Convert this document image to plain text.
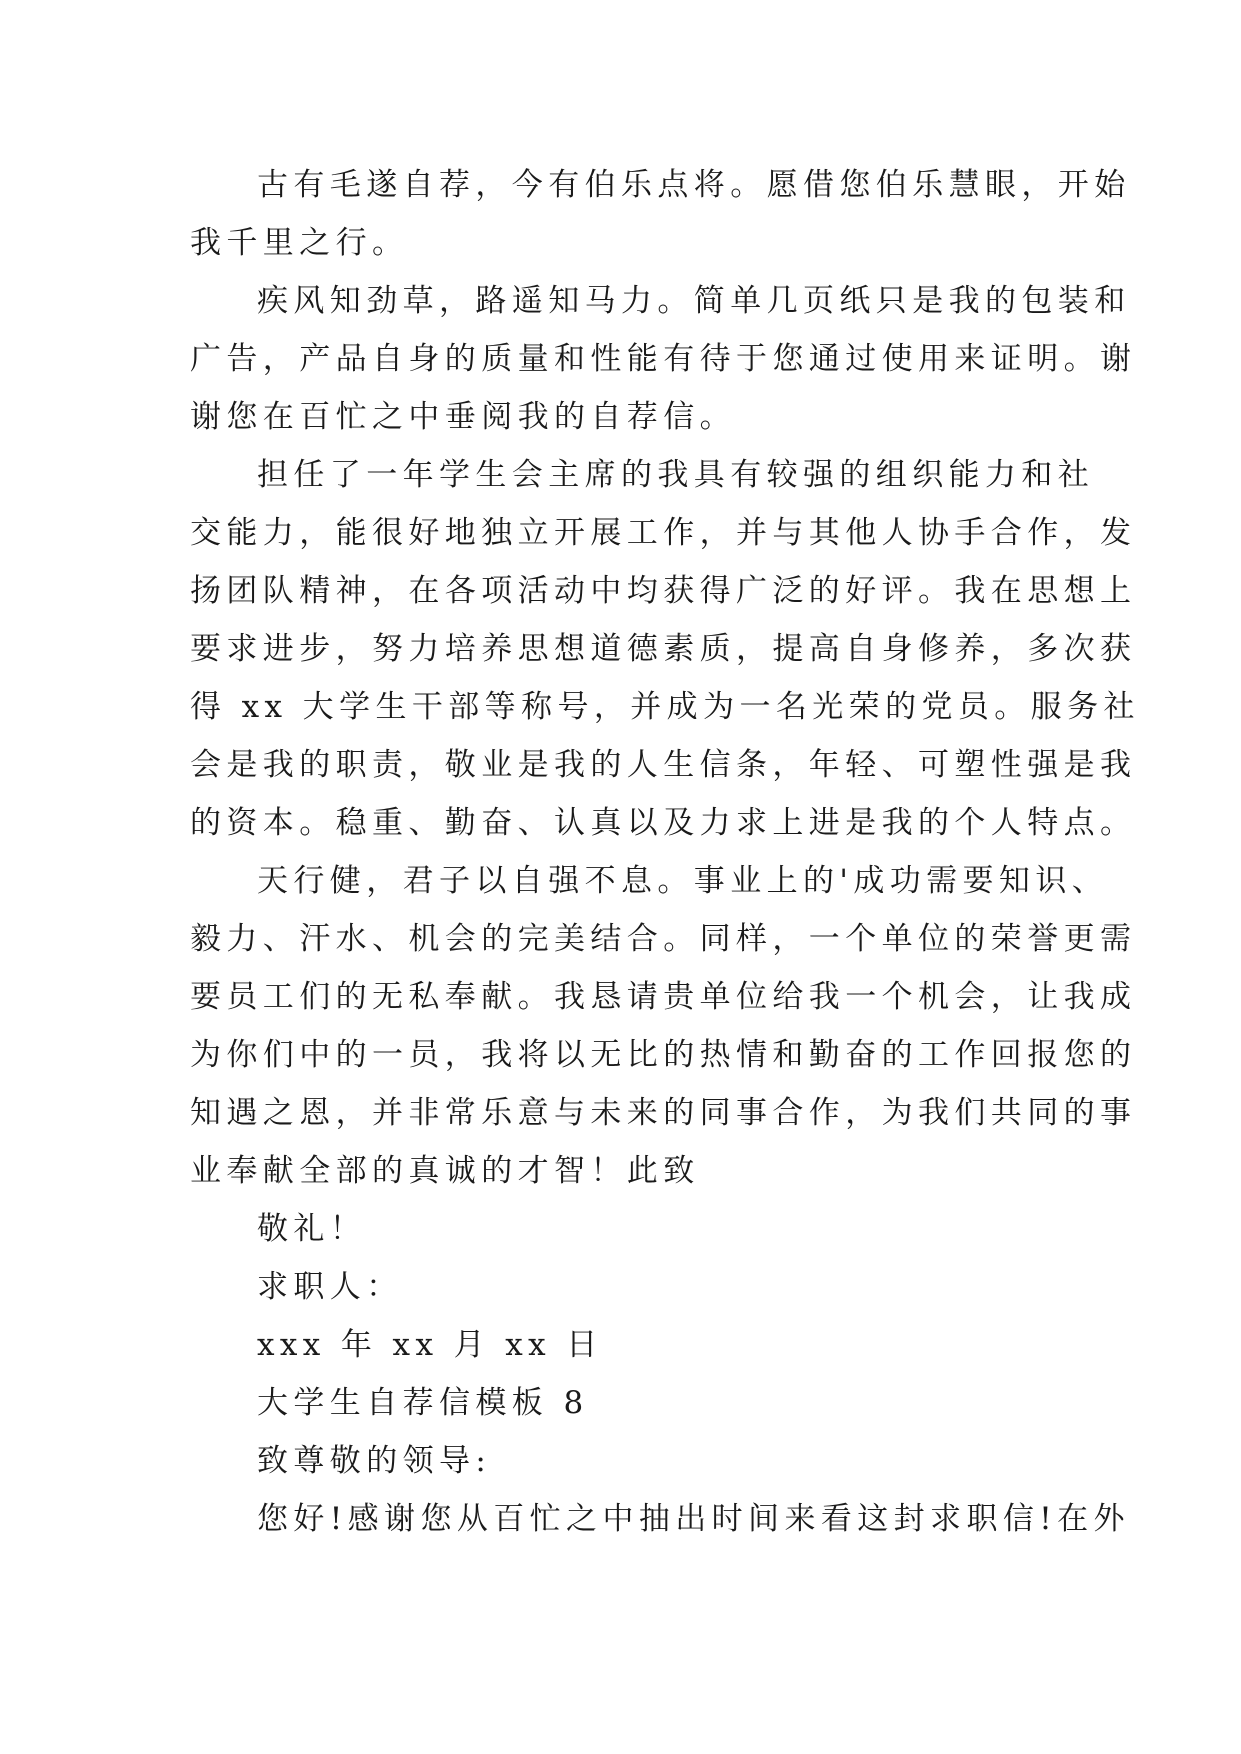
古有毛遂自荐，今有伯乐点将。愿借您伯乐慧眼，开始
我千里之行。
疾风知劲草，路遥知马力。简单几页纸只是我的包装和
广告，产品自身的质量和性能有待于您通过使用来证明。谢
谢您在百忙之中垂阅我的自荐信。
担任了一年学生会主席的我具有较强的组织能力和社
交能力，能很好地独立开展工作，并与其他人协手合作，发
扬团队精神，在各项活动中均获得广泛的好评。我在思想上
要求进步，努力培养思想道德素质，提高自身修养，多次获
得 xx 大学生干部等称号，并成为一名光荣的党员。服务社
会是我的职责，敬业是我的人生信条，年轻、可塑性强是我
的资本。稳重、勤奋、认真以及力求上进是我的个人特点。
天行健，君子以自强不息。事业上的'成功需要知识、
毅力、汗水、机会的完美结合。同样，一个单位的荣誉更需
要员工们的无私奉献。我恳请贵单位给我一个机会，让我成
为你们中的一员，我将以无比的热情和勤奋的工作回报您的
知遇之恩，并非常乐意与未来的同事合作，为我们共同的事
业奉献全部的真诚的才智！此致
敬礼！
求职人：
xxx 年 xx 月 xx 日
大学生自荐信模板 8
致尊敬的领导:
您好!感谢您从百忙之中抽出时间来看这封求职信!在外
